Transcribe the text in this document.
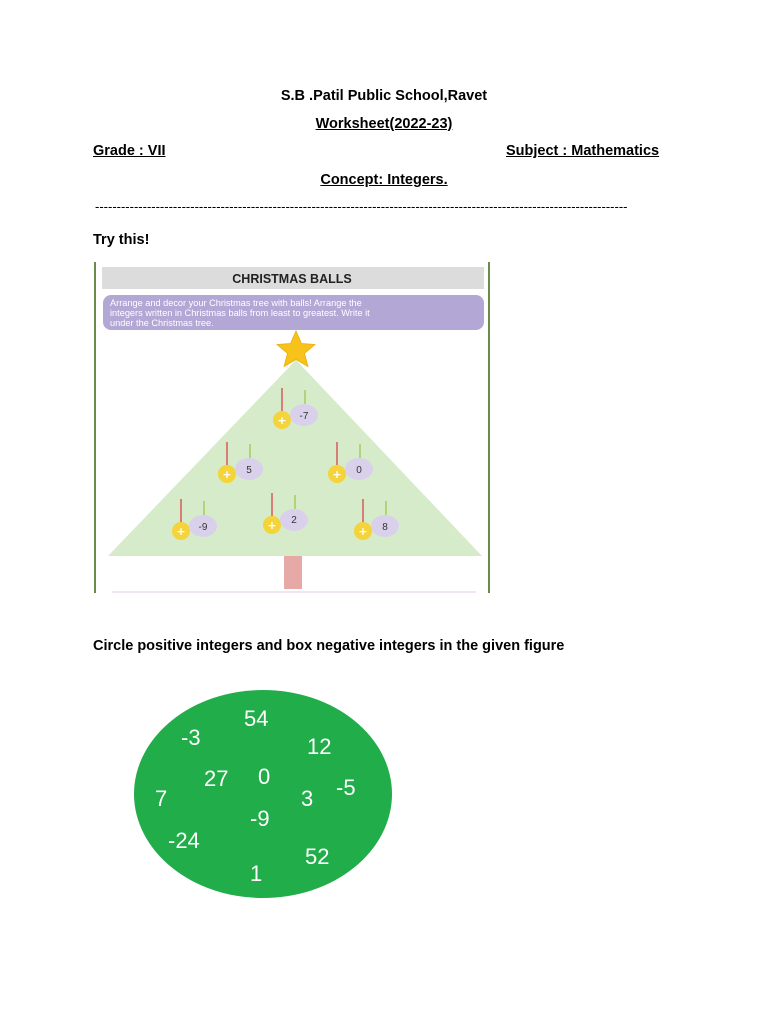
S.B .Patil Public School,Ravet
Worksheet(2022-23)
Grade : VII	Subject : Mathematics
Concept: Integers.
---------------------------------------------------------------------------------------------------------------------------
Try this!
CHRISTMAS BALLS
Arrange and decor your Christmas tree with balls! Arrange the
integers written in Christmas balls from least to greatest. Write it
under the Christmas tree.
+ -7
+ 5	+ 0
+ -9	+ 2
+ 8
Circle positive integers and box negative integers in the given figure
54
-3	12
27 0	-5
7	3
-9
-24
52
1
